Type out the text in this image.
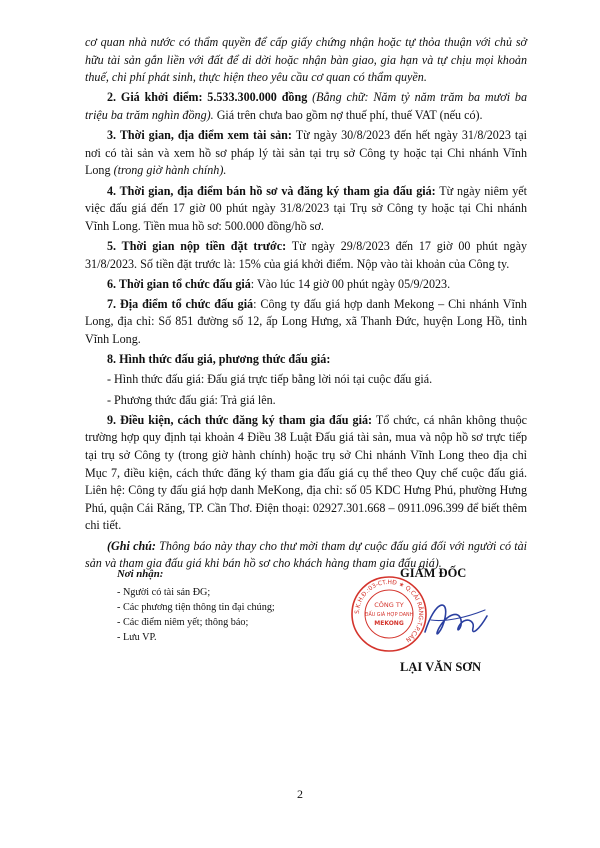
cơ quan nhà nước có thẩm quyền để cấp giấy chứng nhận hoặc tự thỏa thuận với chủ sở hữu tài sản gắn liền với đất để di dời hoặc nhận bàn giao, gia hạn và tự chịu mọi khoản thuế, chi phí phát sinh, thực hiện theo yêu cầu cơ quan có thẩm quyền.

2. Giá khởi điểm: 5.533.300.000 đồng (Bằng chữ: Năm tỷ năm trăm ba mươi ba triệu ba trăm nghìn đồng). Giá trên chưa bao gồm nợ thuế phí, thuế VAT (nếu có).

3. Thời gian, địa điểm xem tài sản: Từ ngày 30/8/2023 đến hết ngày 31/8/2023 tại nơi có tài sản và xem hồ sơ pháp lý tài sản tại trụ sở Công ty hoặc tại Chi nhánh Vĩnh Long (trong giờ hành chính).

4. Thời gian, địa điểm bán hồ sơ và đăng ký tham gia đấu giá: Từ ngày niêm yết việc đấu giá đến 17 giờ 00 phút ngày 31/8/2023 tại Trụ sở Công ty hoặc tại Chi nhánh Vĩnh Long. Tiền mua hồ sơ: 500.000 đồng/hồ sơ.

5. Thời gian nộp tiền đặt trước: Từ ngày 29/8/2023 đến 17 giờ 00 phút ngày 31/8/2023. Số tiền đặt trước là: 15% của giá khởi điểm. Nộp vào tài khoản của Công ty.

6. Thời gian tổ chức đấu giá: Vào lúc 14 giờ 00 phút ngày 05/9/2023.

7. Địa điểm tổ chức đấu giá: Công ty đấu giá hợp danh Mekong – Chi nhánh Vĩnh Long, địa chỉ: Số 851 đường số 12, ấp Long Hưng, xã Thanh Đức, huyện Long Hồ, tỉnh Vĩnh Long.

8. Hình thức đấu giá, phương thức đấu giá:

- Hình thức đấu giá: Đấu giá trực tiếp bằng lời nói tại cuộc đấu giá.

- Phương thức đấu giá: Trả giá lên.

9. Điều kiện, cách thức đăng ký tham gia đấu giá: Tổ chức, cá nhân không thuộc trường hợp quy định tại khoản 4 Điều 38 Luật Đấu giá tài sản, mua và nộp hồ sơ trực tiếp tại trụ sở Công ty (trong giờ hành chính) hoặc trụ sở Chi nhánh Vĩnh Long theo địa chỉ Mục 7, điều kiện, cách thức đăng ký tham gia đấu giá cụ thể theo Quy chế cuộc đấu giá. Liên hệ: Công ty đấu giá hợp danh MeKong, địa chỉ: số 05 KDC Hưng Phú, phường Hưng Phú, quận Cái Răng, TP. Cần Thơ. Điện thoại: 02927.301.668 – 0911.096.399 để biết thêm chi tiết.

(Ghi chú: Thông báo này thay cho thư mời tham dự cuộc đấu giá đối với người có tài sản và tham gia đấu giá khi bán hồ sơ cho khách hàng tham gia đấu giá).

Nơi nhận:
- Người có tài sản ĐG;
- Các phương tiện thông tin đại chúng;
- Các điểm niêm yết; thông báo;
- Lưu VP.
GIÁM ĐỐC
S.K.H.Đ.:03-CT.HĐ ★ Q.CÁI RĂNG-T.P.CẦN
CÔNG TY
ĐẤU GIÁ HỢP DANH
MEKONG
LẠI VĂN SƠN
2
